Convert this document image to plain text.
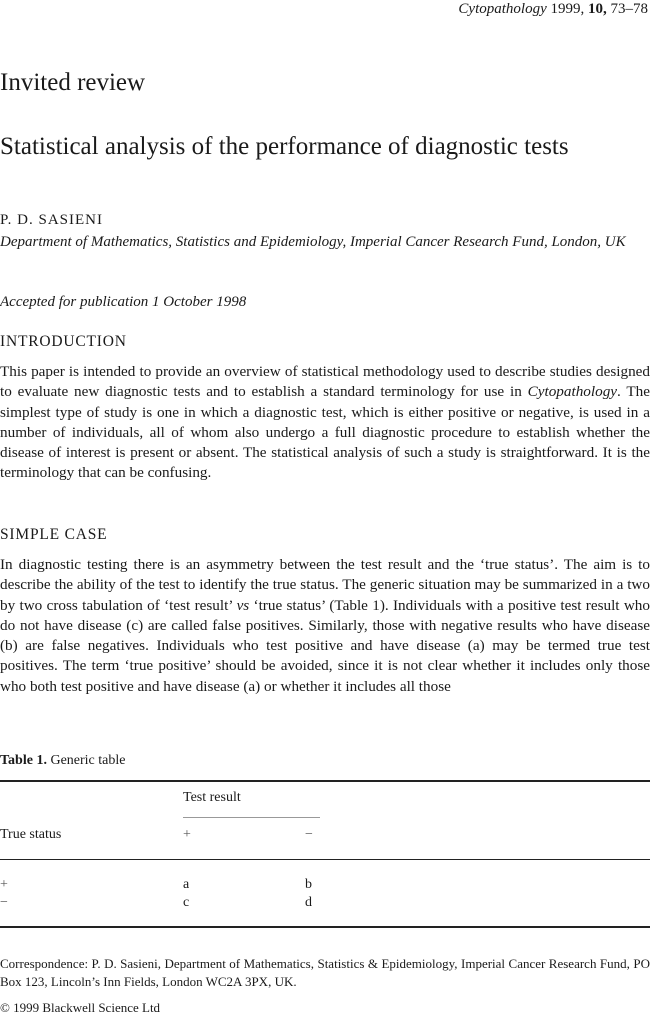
Cytopathology 1999, 10, 73–78
Invited review
Statistical analysis of the performance of diagnostic tests
P. D. SASIENI
Department of Mathematics, Statistics and Epidemiology, Imperial Cancer Research Fund, London, UK
Accepted for publication 1 October 1998
INTRODUCTION
This paper is intended to provide an overview of statistical methodology used to describe studies designed to evaluate new diagnostic tests and to establish a standard terminology for use in Cytopathology. The simplest type of study is one in which a diagnostic test, which is either positive or negative, is used in a number of individuals, all of whom also undergo a full diagnostic procedure to establish whether the disease of interest is present or absent. The statistical analysis of such a study is straightforward. It is the terminology that can be confusing.
SIMPLE CASE
In diagnostic testing there is an asymmetry between the test result and the ‘true status’. The aim is to describe the ability of the test to identify the true status. The generic situation may be summarized in a two by two cross tabulation of ‘test result’ vs ‘true status’ (Table 1). Individuals with a positive test result who do not have disease (c) are called false positives. Similarly, those with negative results who have disease (b) are false negatives. Individuals who test positive and have disease (a) may be termed true test positives. The term ‘true positive’ should be avoided, since it is not clear whether it includes only those who both test positive and have disease (a) or whether it includes all those
Table 1. Generic table
Test result
True status	+	−
+	a	b
−	c	d
Correspondence: P. D. Sasieni, Department of Mathematics, Statistics & Epidemiology, Imperial Cancer Research Fund, PO Box 123, Lincoln’s Inn Fields, London WC2A 3PX, UK.
© 1999 Blackwell Science Ltd
